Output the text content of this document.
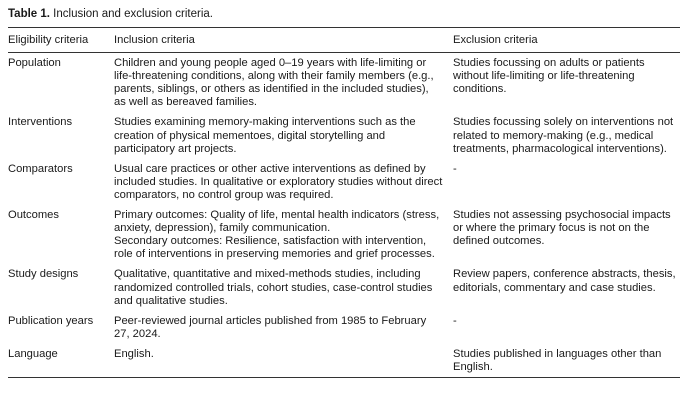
Table 1. Inclusion and exclusion criteria.

Eligibility criteria	Inclusion criteria	Exclusion criteria
Population	Children and young people aged 0–19 years with life-limiting or life-threatening conditions, along with their family members (e.g., parents, siblings, or others as identified in the included studies), as well as bereaved families.	Studies focussing on adults or patients without life-limiting or life-threatening conditions.
Interventions	Studies examining memory-making interventions such as the creation of physical mementoes, digital storytelling and participatory art projects.	Studies focussing solely on interventions not related to memory-making (e.g., medical treatments, pharmacological interventions).
Comparators	Usual care practices or other active interventions as defined by included studies. In qualitative or exploratory studies without direct comparators, no control group was required.	-
Outcomes	Primary outcomes: Quality of life, mental health indicators (stress, anxiety, depression), family communication.
Secondary outcomes: Resilience, satisfaction with intervention, role of interventions in preserving memories and grief processes.	Studies not assessing psychosocial impacts or where the primary focus is not on the defined outcomes.
Study designs	Qualitative, quantitative and mixed-methods studies, including randomized controlled trials, cohort studies, case-control studies and qualitative studies.	Review papers, conference abstracts, thesis, editorials, commentary and case studies.
Publication years	Peer-reviewed journal articles published from 1985 to February 27, 2024.	-
Language	English.	Studies published in languages other than English.
